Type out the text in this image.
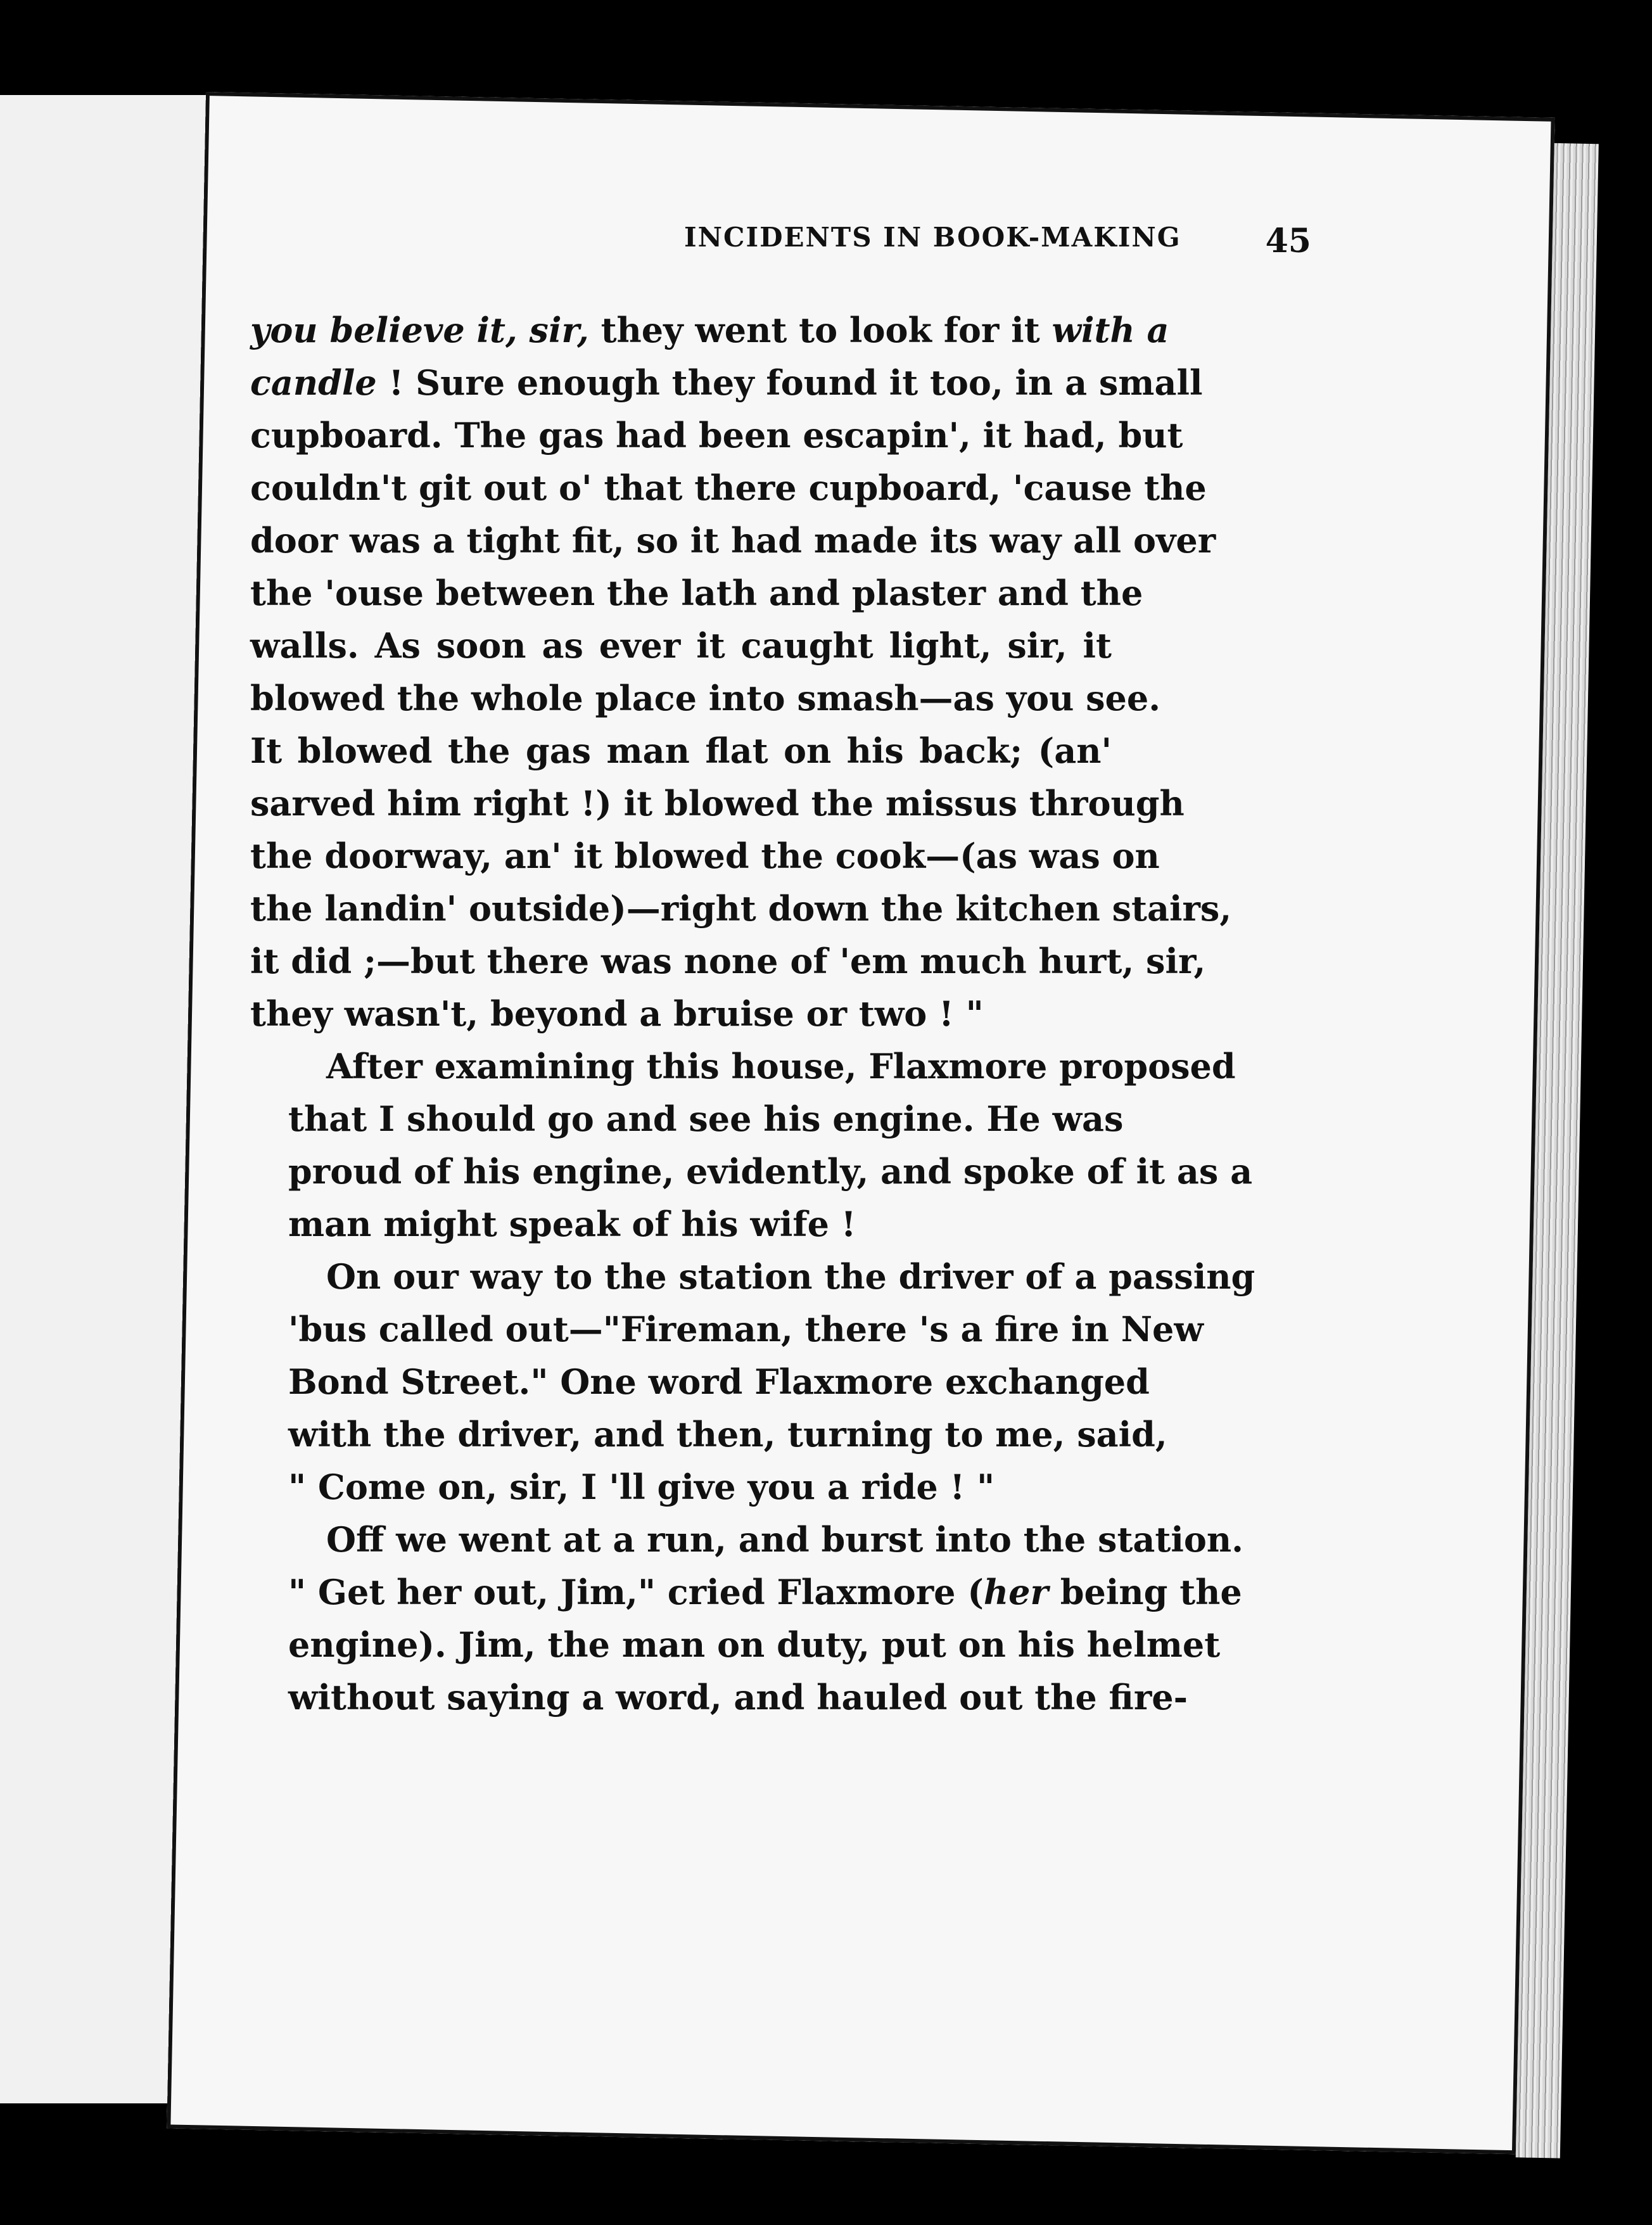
INCIDENTS IN BOOK-MAKING	45

you believe it, sir, they went to look for it with a
candle ! Sure enough they found it too, in a small
cupboard. The gas had been escapin', it had, but
couldn't git out o' that there cupboard, 'cause the
door was a tight fit, so it had made its way all over
the 'ouse between the lath and plaster and the
walls. As soon as ever it caught light, sir, it
blowed the whole place into smash—as you see.
It blowed the gas man flat on his back; (an'
sarved him right !) it blowed the missus through
the doorway, an' it blowed the cook—(as was on
the landin' outside)—right down the kitchen stairs,
it did ;—but there was none of 'em much hurt, sir,
they wasn't, beyond a bruise or two ! "

After examining this house, Flaxmore proposed
that I should go and see his engine. He was
proud of his engine, evidently, and spoke of it as a
man might speak of his wife !

On our way to the station the driver of a passing
'bus called out—"Fireman, there 's a fire in New
Bond Street." One word Flaxmore exchanged
with the driver, and then, turning to me, said,
" Come on, sir, I 'll give you a ride ! "

Off we went at a run, and burst into the station.
" Get her out, Jim," cried Flaxmore (her being the
engine). Jim, the man on duty, put on his helmet
without saying a word, and hauled out the fire-
